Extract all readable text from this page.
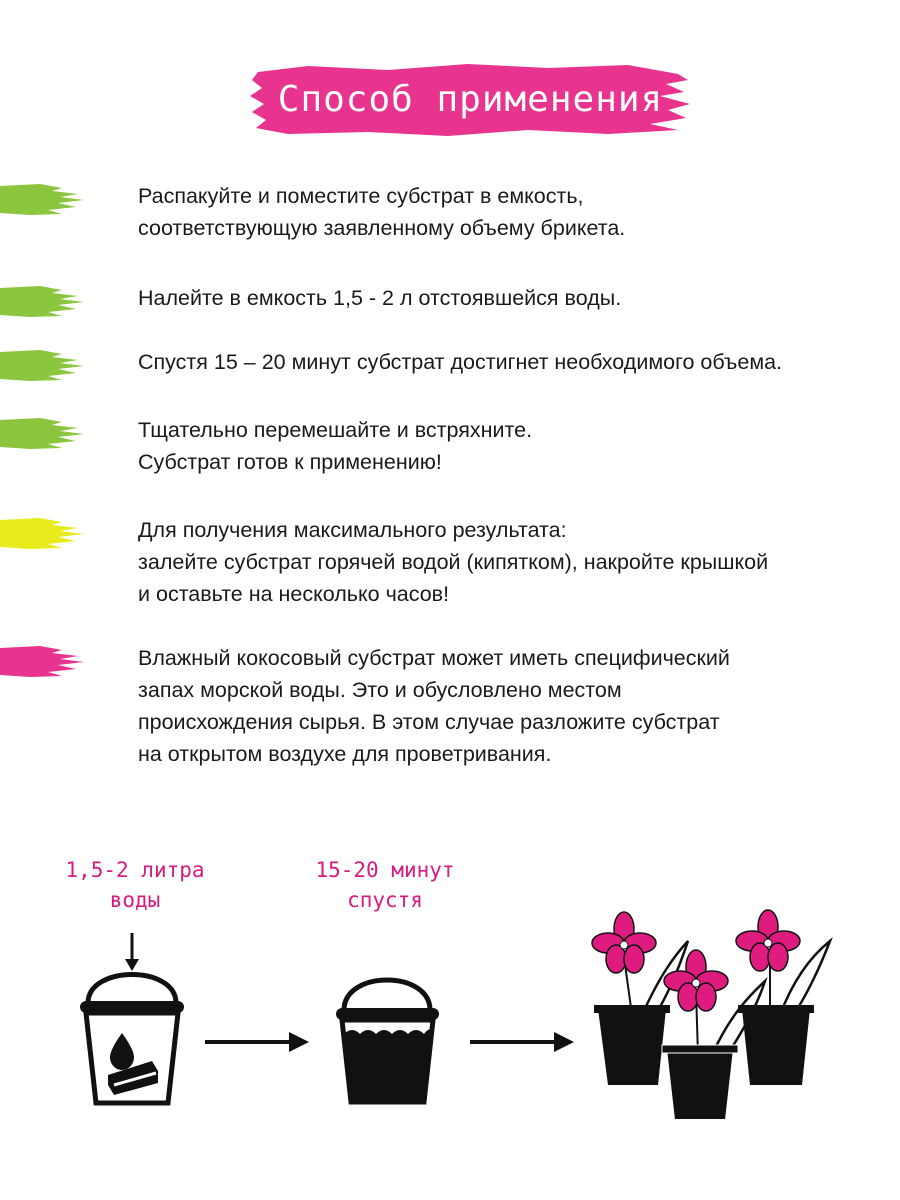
Способ применения

Распакуйте и поместите субстрат в емкость,
соответствующую заявленному объему брикета.

Налейте в емкость 1,5 - 2 л отстоявшейся воды.

Спустя 15 – 20 минут субстрат достигнет необходимого объема.

Тщательно перемешайте и встряхните.
Субстрат готов к применению!

Для получения максимального результата:
залейте субстрат горячей водой (кипятком), накройте крышкой
и оставьте на несколько часов!

Влажный кокосовый субстрат может иметь специфический
запах морской воды. Это и обусловлено местом
происхождения сырья. В этом случае разложите субстрат
на открытом воздухе для проветривания.

1,5-2 литра
воды
15-20 минут
спустя
